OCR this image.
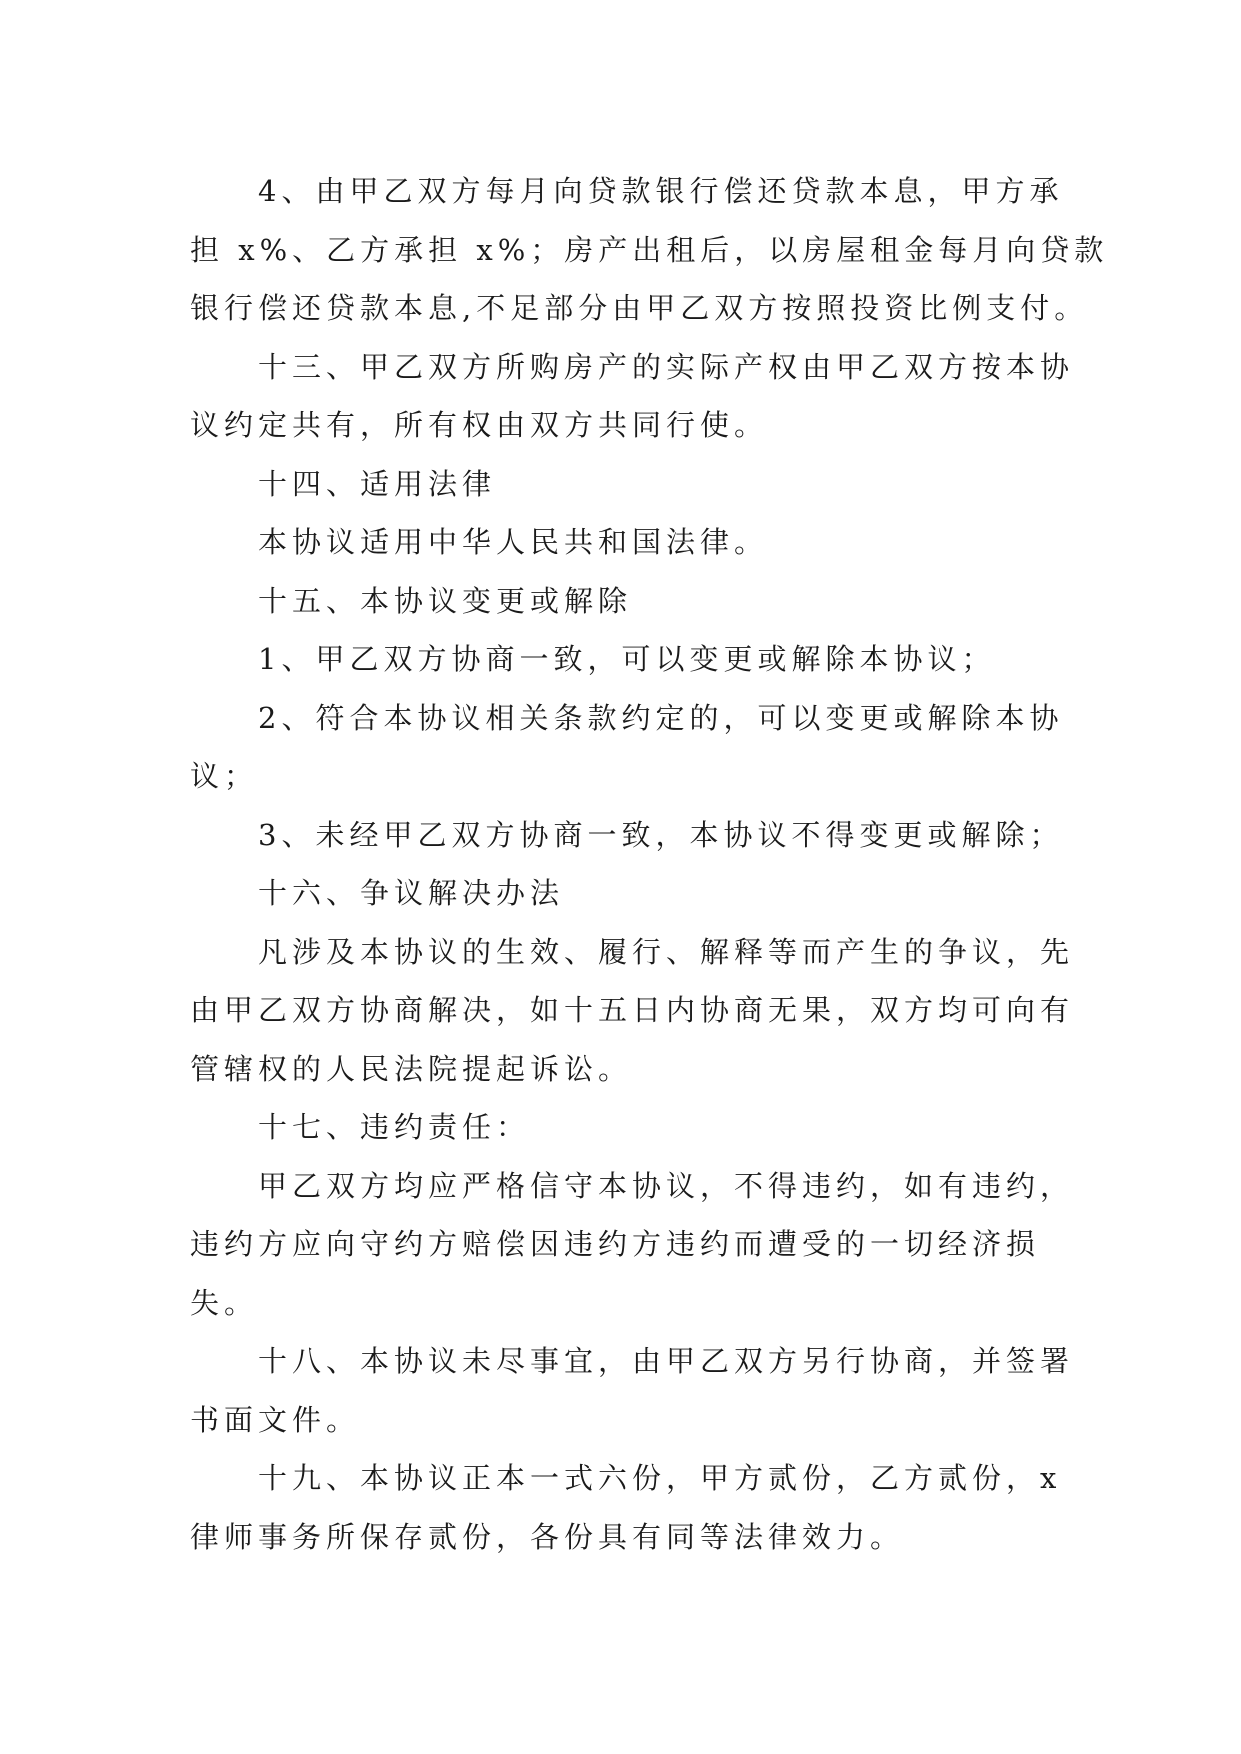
4、由甲乙双方每月向贷款银行偿还贷款本息，甲方承
担 x%、乙方承担 x%；房产出租后，以房屋租金每月向贷款
银行偿还贷款本息,不足部分由甲乙双方按照投资比例支付。
十三、甲乙双方所购房产的实际产权由甲乙双方按本协
议约定共有，所有权由双方共同行使。
十四、适用法律
本协议适用中华人民共和国法律。
十五、本协议变更或解除
1、甲乙双方协商一致，可以变更或解除本协议；
2、符合本协议相关条款约定的，可以变更或解除本协
议；
3、未经甲乙双方协商一致，本协议不得变更或解除；
十六、争议解决办法
凡涉及本协议的生效、履行、解释等而产生的争议，先
由甲乙双方协商解决，如十五日内协商无果，双方均可向有
管辖权的人民法院提起诉讼。
十七、违约责任：
甲乙双方均应严格信守本协议，不得违约，如有违约，
违约方应向守约方赔偿因违约方违约而遭受的一切经济损
失。
十八、本协议未尽事宜，由甲乙双方另行协商，并签署
书面文件。
十九、本协议正本一式六份，甲方贰份，乙方贰份，x
律师事务所保存贰份，各份具有同等法律效力。
